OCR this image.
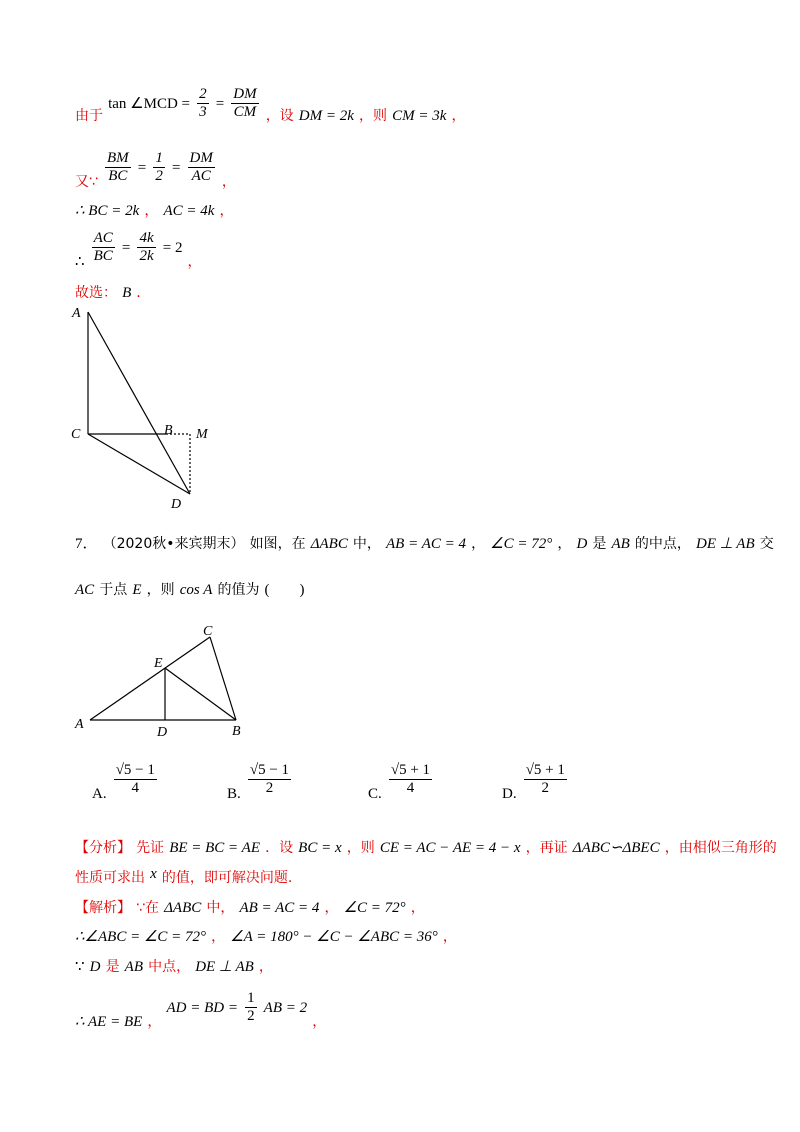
由于 tan ∠MCD = $\frac{2}{3} = \frac{DM}{CM}$ ，设 DM = 2k ，则 CM = 3k ，
又∵ $\frac{BM}{BC} = \frac{1}{2} = \frac{DM}{AC}$ ，
∴ BC = 2k ， AC = 4k ，
∴ $\frac{AC}{BC} = \frac{4k}{2k} = 2$ ，
故选： B ．
A
C	B M
D
7． （2020秋•来宾期末） 如图，在 ΔABC 中， AB = AC = 4 ， ∠C = 72° ， D 是 AB 的中点， DE ⊥ AB 交
AC 于点 E ，则 cos A 的值为 (　　)
C
E
A
D	B
A. $\frac{√5 - 1}{4}$	B. $\frac{√5 - 1}{2}$	C. $\frac{√5 + 1}{4}$	D. $\frac{√5 + 1}{2}$
【分析】 先证 BE = BC = AE ．设 BC = x ，则 CE = AC − AE = 4 − x ，再证 ΔABC∽ΔBEC ，由相似三角形的
性质可求出 x 的值，即可解决问题.
【解析】 ∵在 ΔABC 中， AB = AC = 4 ， ∠C = 72° ，
∴∠ABC = ∠C = 72° ， ∠A = 180° − ∠C − ∠ABC = 36° ，
∵ D 是 AB 中点， DE ⊥ AB ，
∴ AE = BE ， AD = BD = $\frac{1}{2}$ AB = 2 ，
